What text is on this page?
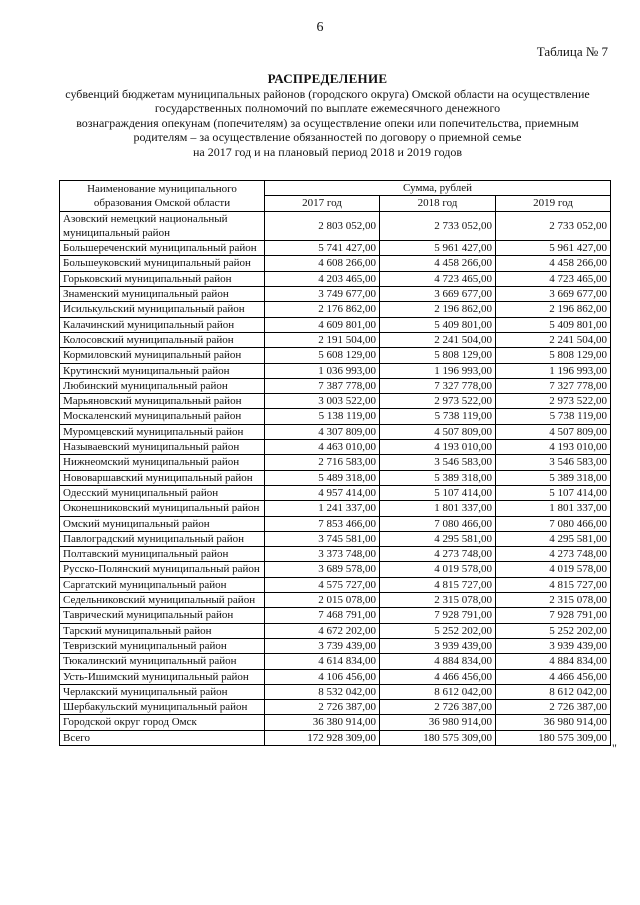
6
Таблица № 7
РАСПРЕДЕЛЕНИЕ
субвенций бюджетам муниципальных районов (городского округа) Омской области на осуществление
государственных полномочий по выплате ежемесячного денежного
вознаграждения опекунам (попечителям) за осуществление опеки или попечительства, приемным
родителям – за осуществление обязанностей по договору о приемной семье
на 2017 год и на плановый период 2018 и 2019 годов
Наименование муниципального образования Омской области	Сумма, рублей		
	2017 год	2018 год	2019 год
Азовский немецкий национальный муниципальный район	2 803 052,00	2 733 052,00	2 733 052,00
Большереченский муниципальный район	5 741 427,00	5 961 427,00	5 961 427,00
Большеуковский муниципальный район	4 608 266,00	4 458 266,00	4 458 266,00
Горьковский муниципальный район	4 203 465,00	4 723 465,00	4 723 465,00
Знаменский муниципальный район	3 749 677,00	3 669 677,00	3 669 677,00
Исилькульский муниципальный район	2 176 862,00	2 196 862,00	2 196 862,00
Калачинский муниципальный район	4 609 801,00	5 409 801,00	5 409 801,00
Колосовский муниципальный район	2 191 504,00	2 241 504,00	2 241 504,00
Кормиловский муниципальный район	5 608 129,00	5 808 129,00	5 808 129,00
Крутинский муниципальный район	1 036 993,00	1 196 993,00	1 196 993,00
Любинский муниципальный район	7 387 778,00	7 327 778,00	7 327 778,00
Марьяновский муниципальный район	3 003 522,00	2 973 522,00	2 973 522,00
Москаленский муниципальный район	5 138 119,00	5 738 119,00	5 738 119,00
Муромцевский муниципальный район	4 307 809,00	4 507 809,00	4 507 809,00
Называевский муниципальный район	4 463 010,00	4 193 010,00	4 193 010,00
Нижнеомский муниципальный район	2 716 583,00	3 546 583,00	3 546 583,00
Нововаршавский муниципальный район	5 489 318,00	5 389 318,00	5 389 318,00
Одесский муниципальный район	4 957 414,00	5 107 414,00	5 107 414,00
Оконешниковский муниципальный район	1 241 337,00	1 801 337,00	1 801 337,00
Омский муниципальный район	7 853 466,00	7 080 466,00	7 080 466,00
Павлоградский муниципальный район	3 745 581,00	4 295 581,00	4 295 581,00
Полтавский муниципальный район	3 373 748,00	4 273 748,00	4 273 748,00
Русско-Полянский муниципальный район	3 689 578,00	4 019 578,00	4 019 578,00
Саргатский муниципальный район	4 575 727,00	4 815 727,00	4 815 727,00
Седельниковский муниципальный район	2 015 078,00	2 315 078,00	2 315 078,00
Таврический муниципальный район	7 468 791,00	7 928 791,00	7 928 791,00
Тарский муниципальный район	4 672 202,00	5 252 202,00	5 252 202,00
Тевризский муниципальный район	3 739 439,00	3 939 439,00	3 939 439,00
Тюкалинский муниципальный район	4 614 834,00	4 884 834,00	4 884 834,00
Усть-Ишимский муниципальный район	4 106 456,00	4 466 456,00	4 466 456,00
Черлакский муниципальный район	8 532 042,00	8 612 042,00	8 612 042,00
Шербакульский муниципальный район	2 726 387,00	2 726 387,00	2 726 387,00
Городской округ город Омск	36 380 914,00	36 980 914,00	36 980 914,00
Всего	172 928 309,00	180 575 309,00	180 575 309,00
"
